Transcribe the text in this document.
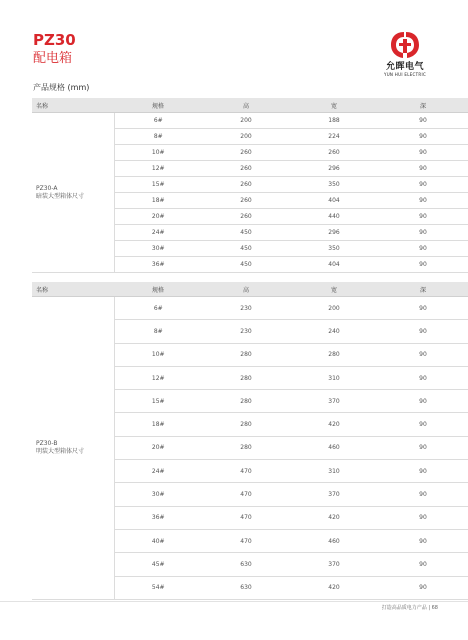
PZ30
配电箱
允晖电气
YUN HUI ELECTRIC
产品规格 (mm)
名称	规格	高	宽	深

PZ30-A
暗装大型箱体尺寸	6#	200	188	90
	8#	200	224	90
	10#	260	260	90
	12#	260	296	90
	15#	260	350	90
	18#	260	404	90
	20#	260	440	90
	24#	450	296	90
	30#	450	350	90
	36#	450	404	90
名称	规格	高	宽	深

PZ30-B
明装大型箱体尺寸	6#	230	200	90
	8#	230	240	90
	10#	280	280	90
	12#	280	310	90
	15#	280	370	90
	18#	280	420	90
	20#	280	460	90
	24#	470	310	90
	30#	470	370	90
	36#	470	420	90
	40#	470	460	90
	45#	630	370	90
	54#	630	420	90
打造高品质电力产品 | 68
